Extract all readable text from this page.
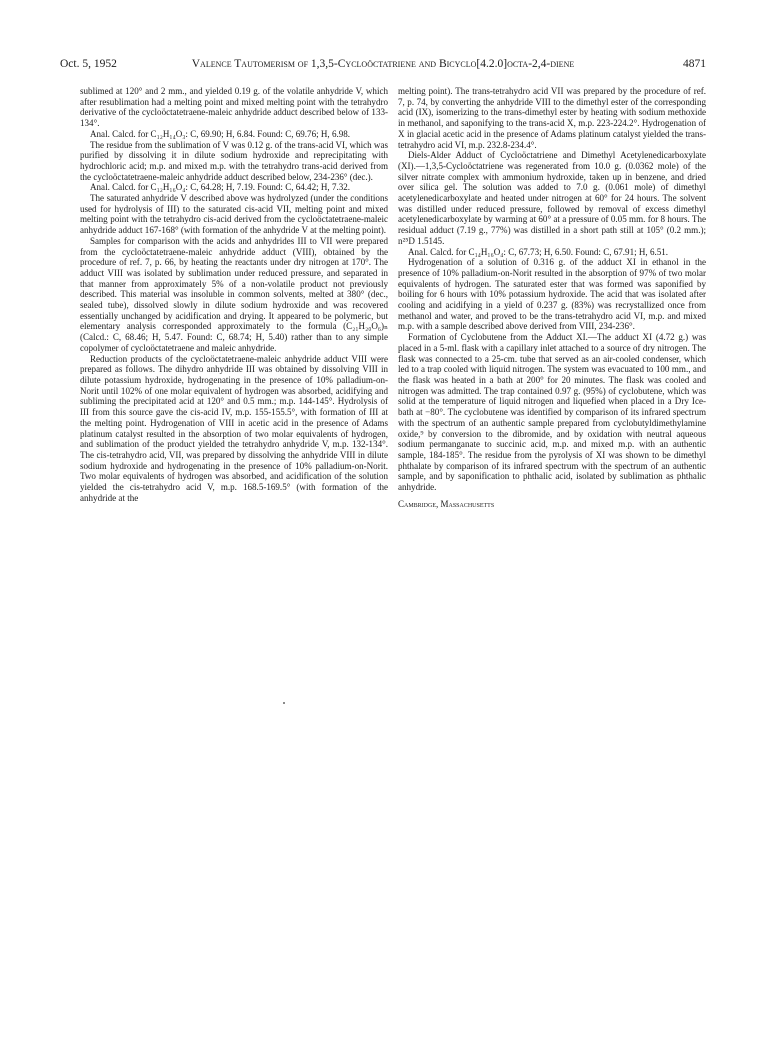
Oct. 5, 1952	Valence Tautomerism of 1,3,5-Cycloöctatriene and Bicyclo[4.2.0]octa-2,4-diene	4871

sublimed at 120° and 2 mm., and yielded 0.19 g. of the volatile anhydride V, which after resublimation had a melting point and mixed melting point with the tetrahydro derivative of the cycloöctatetraene-maleic anhydride adduct described below of 133-134°.

Anal. Calcd. for C₁₂H₁₄O₃: C, 69.90; H, 6.84. Found: C, 69.76; H, 6.98.

The residue from the sublimation of V was 0.12 g. of the trans-acid VI, which was purified by dissolving it in dilute sodium hydroxide and reprecipitating with hydrochloric acid; m.p. and mixed m.p. with the tetrahydro trans-acid derived from the cycloöctatetraene-maleic anhydride adduct described below, 234-236° (dec.).

Anal. Calcd. for C₁₂H₁₆O₄: C, 64.28; H, 7.19. Found: C, 64.42; H, 7.32.

The saturated anhydride V described above was hydrolyzed (under the conditions used for hydrolysis of III) to the saturated cis-acid VII, melting point and mixed melting point with the tetrahydro cis-acid derived from the cycloöctatetraene-maleic anhydride adduct 167-168° (with formation of the anhydride V at the melting point).

Samples for comparison with the acids and anhydrides III to VII were prepared from the cycloöctatetraene-maleic anhydride adduct (VIII), obtained by the procedure of ref. 7, p. 66, by heating the reactants under dry nitrogen at 170°. The adduct VIII was isolated by sublimation under reduced pressure, and separated in that manner from approximately 5% of a non-volatile product not previously described. This material was insoluble in common solvents, melted at 380° (dec., sealed tube), dissolved slowly in dilute sodium hydroxide and was recovered essentially unchanged by acidification and drying. It appeared to be polymeric, but elementary analysis corresponded approximately to the formula (C₂₁H₂₀O₆)ₙ (Calcd.: C, 68.46; H, 5.47. Found: C, 68.74; H, 5.40) rather than to any simple copolymer of cycloöctatetraene and maleic anhydride.

Reduction products of the cycloöctatetraene-maleic anhydride adduct VIII were prepared as follows. The dihydro anhydride III was obtained by dissolving VIII in dilute potassium hydroxide, hydrogenating in the presence of 10% palladium-on-Norit until 102% of one molar equivalent of hydrogen was absorbed, acidifying and subliming the precipitated acid at 120° and 0.5 mm.; m.p. 144-145°. Hydrolysis of III from this source gave the cis-acid IV, m.p. 155-155.5°, with formation of III at the melting point. Hydrogenation of VIII in acetic acid in the presence of Adams platinum catalyst resulted in the absorption of two molar equivalents of hydrogen, and sublimation of the product yielded the tetrahydro anhydride V, m.p. 132-134°. The cis-tetrahydro acid, VII, was prepared by dissolving the anhydride VIII in dilute sodium hydroxide and hydrogenating in the presence of 10% palladium-on-Norit. Two molar equivalents of hydrogen was absorbed, and acidification of the solution yielded the cis-tetrahydro acid V, m.p. 168.5-169.5° (with formation of the anhydride at the

melting point). The trans-tetrahydro acid VII was prepared by the procedure of ref. 7, p. 74, by converting the anhydride VIII to the dimethyl ester of the corresponding acid (IX), isomerizing to the trans-dimethyl ester by heating with sodium methoxide in methanol, and saponifying to the trans-acid X, m.p. 223-224.2°. Hydrogenation of X in glacial acetic acid in the presence of Adams platinum catalyst yielded the trans-tetrahydro acid VI, m.p. 232.8-234.4°.

Diels-Alder Adduct of Cycloöctatriene and Dimethyl Acetylenedicarboxylate (XI).—1,3,5-Cycloöctatriene was regenerated from 10.0 g. (0.0362 mole) of the silver nitrate complex with ammonium hydroxide, taken up in benzene, and dried over silica gel. The solution was added to 7.0 g. (0.061 mole) of dimethyl acetylenedicarboxylate and heated under nitrogen at 60° for 24 hours. The solvent was distilled under reduced pressure, followed by removal of excess dimethyl acetylenedicarboxylate by warming at 60° at a pressure of 0.05 mm. for 8 hours. The residual adduct (7.19 g., 77%) was distilled in a short path still at 105° (0.2 mm.); n²⁵D 1.5145.

Anal. Calcd. for C₁₄H₁₆O₄: C, 67.73; H, 6.50. Found: C, 67.91; H, 6.51.

Hydrogenation of a solution of 0.316 g. of the adduct XI in ethanol in the presence of 10% palladium-on-Norit resulted in the absorption of 97% of two molar equivalents of hydrogen. The saturated ester that was formed was saponified by boiling for 6 hours with 10% potassium hydroxide. The acid that was isolated after cooling and acidifying in a yield of 0.237 g. (83%) was recrystallized once from methanol and water, and proved to be the trans-tetrahydro acid VI, m.p. and mixed m.p. with a sample described above derived from VIII, 234-236°.

Formation of Cyclobutene from the Adduct XI.—The adduct XI (4.72 g.) was placed in a 5-ml. flask with a capillary inlet attached to a source of dry nitrogen. The flask was connected to a 25-cm. tube that served as an air-cooled condenser, which led to a trap cooled with liquid nitrogen. The system was evacuated to 100 mm., and the flask was heated in a bath at 200° for 20 minutes. The flask was cooled and nitrogen was admitted. The trap contained 0.97 g. (95%) of cyclobutene, which was solid at the temperature of liquid nitrogen and liquefied when placed in a Dry Ice-bath at −80°. The cyclobutene was identified by comparison of its infrared spectrum with the spectrum of an authentic sample prepared from cyclobutyldimethylamine oxide,⁹ by conversion to the dibromide, and by oxidation with neutral aqueous sodium permanganate to succinic acid, m.p. and mixed m.p. with an authentic sample, 184-185°. The residue from the pyrolysis of XI was shown to be dimethyl phthalate by comparison of its infrared spectrum with the spectrum of an authentic sample, and by saponification to phthalic acid, isolated by sublimation as phthalic anhydride.

Cambridge, Massachusetts
